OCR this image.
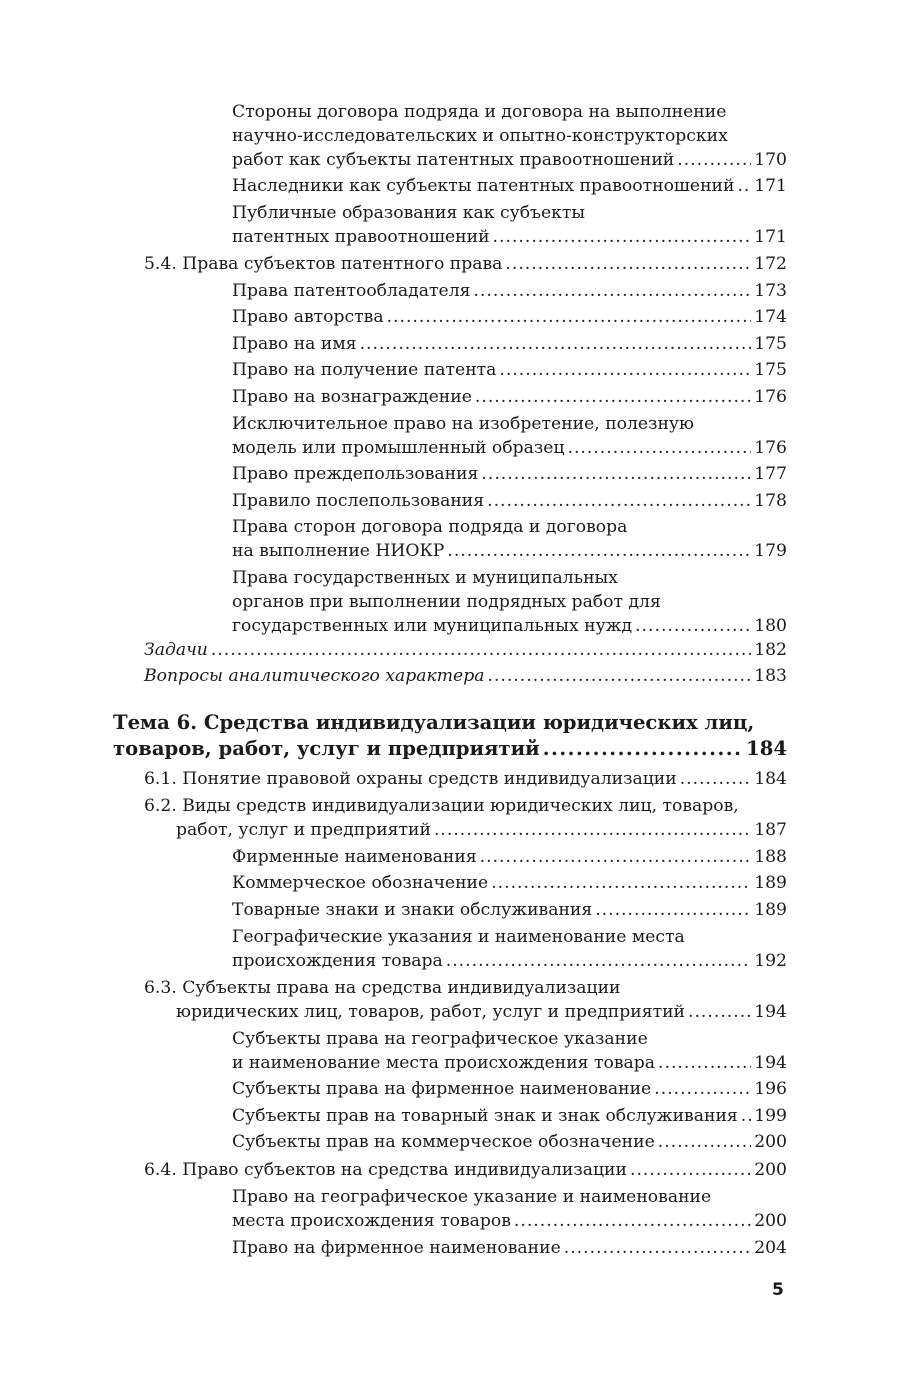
Стороны договора подряда и договора на выполнение
научно-исследовательских и опытно-конструкторских
работ как субъекты патентных правоотношений .....	170
Наследники как субъекты патентных правоотношений ..... 171
Публичные образования как субъекты
патентных правоотношений .....	171
5.4. Права субъектов патентного права .....	172
Права патентообладателя .....	173
Право авторства .....	174
Право на имя .....	175
Право на получение патента .....	175
Право на вознаграждение .....	176
Исключительное право на изобретение, полезную
модель или промышленный образец .....	176
Право преждепользования .....	177
Правило послепользования .....	178
Права сторон договора подряда и договора
на выполнение НИОКР .....	179
Права государственных и муниципальных
органов при выполнении подрядных работ для
государственных или муниципальных нужд .....	180
Задачи .....	182
Вопросы аналитического характера .....	183
Тема 6. Средства индивидуализации юридических лиц,
товаров, работ, услуг и предприятий .....	184
6.1. Понятие правовой охраны средств индивидуализации .....	184
6.2. Виды средств индивидуализации юридических лиц, товаров,
работ, услуг и предприятий .....	187
Фирменные наименования .....	188
Коммерческое обозначение .....	189
Товарные знаки и знаки обслуживания .....	189
Географические указания и наименование места
происхождения товара .....	192
6.3. Субъекты права на средства индивидуализации
юридических лиц, товаров, работ, услуг и предприятий .....	194
Субъекты права на географическое указание
и наименование места происхождения товара .....	194
Субъекты права на фирменное наименование .....	196
Субъекты прав на товарный знак и знак обслуживания ..... 199
Субъекты прав на коммерческое обозначение .....	200
6.4. Право субъектов на средства индивидуализации .....	200
Право на географическое указание и наименование
места происхождения товаров .....	200
Право на фирменное наименование .....	204
5
